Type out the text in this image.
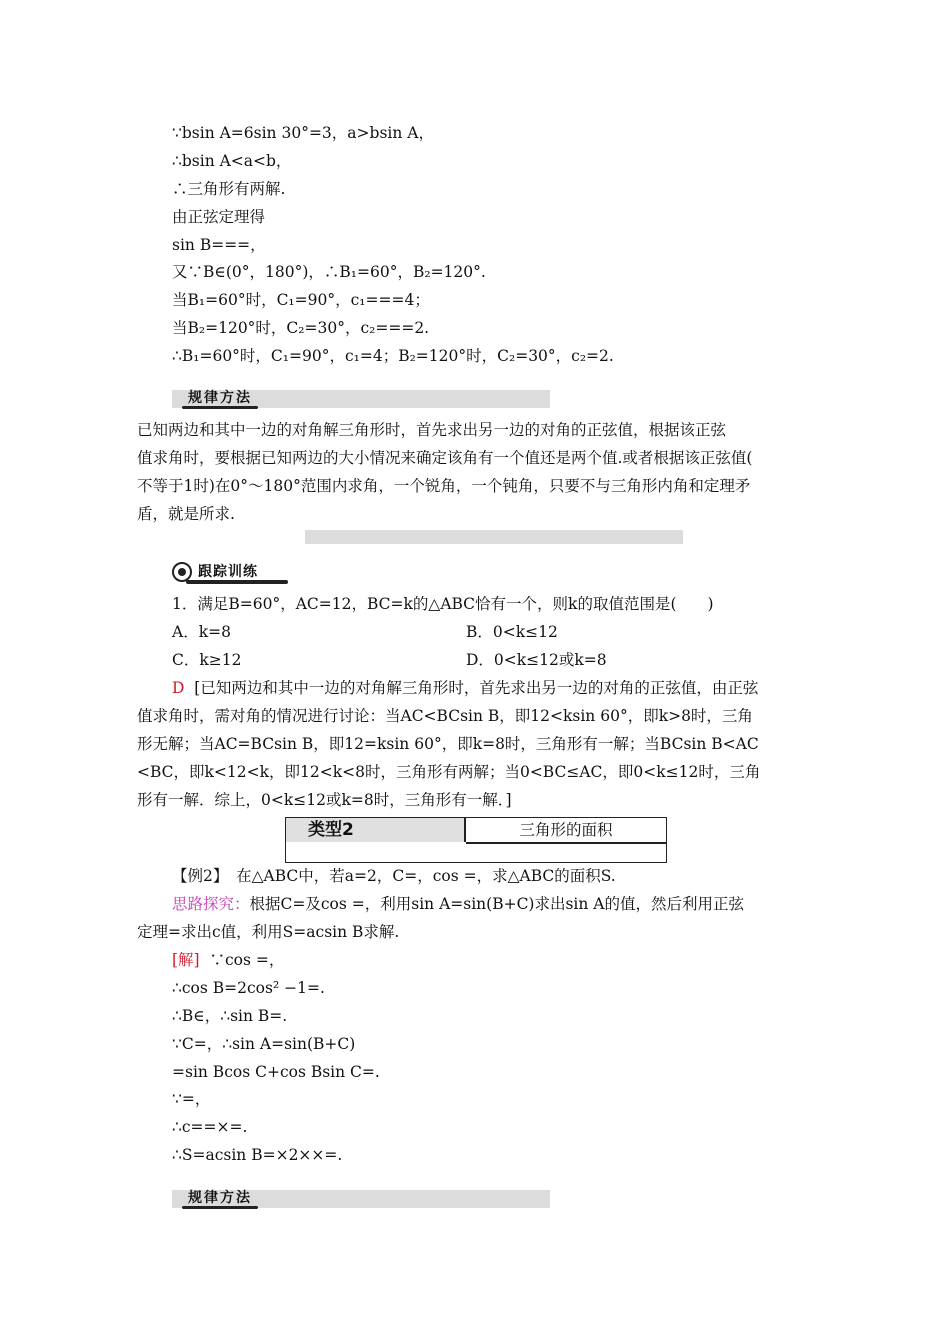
∵bsin A=6sin 30°=3，a>bsin A，
∴bsin A<a<b，
∴三角形有两解.
由正弦定理得
sin B===，
又∵B∈(0°，180°)，∴B₁=60°，B₂=120°.
当B₁=60°时，C₁=90°，c₁===4；
当B₂=120°时，C₂=30°，c₂===2.
∴B₁=60°时，C₁=90°，c₁=4；B₂=120°时，C₂=30°，c₂=2.
规律方法
已知两边和其中一边的对角解三角形时，首先求出另一边的对角的正弦值，根据该正弦
值求角时，要根据已知两边的大小情况来确定该角有一个值还是两个值.或者根据该正弦值(
不等于1时)在0°～180°范围内求角，一个锐角，一个钝角，只要不与三角形内角和定理矛
盾，就是所求.
跟踪训练
1．满足B=60°，AC=12，BC=k的△ABC恰有一个，则k的取值范围是(　　)
A．k=8	B．0<k≤12
C．k≥12	D．0<k≤12或k=8
D [已知两边和其中一边的对角解三角形时，首先求出另一边的对角的正弦值，由正弦
值求角时，需对角的情况进行讨论：当AC<BCsin B，即12<ksin 60°，即k>8时，三角
形无解；当AC=BCsin B，即12=ksin 60°，即k=8时，三角形有一解；当BCsin B<AC
<BC，即k<12<k，即12<k<8时，三角形有两解；当0<BC≤AC，即0<k≤12时，三角
形有一解．综上，0<k≤12或k=8时，三角形有一解．]
类型2	三角形的面积
【例2】　在△ABC中，若a=2，C=，cos =，求△ABC的面积S.
思路探究：根据C=及cos =，利用sin A=sin(B+C)求出sin A的值，然后利用正弦
定理=求出c值，利用S=acsin B求解.
[解] ∵cos =，
∴cos B=2cos² −1=.
∴B∈，∴sin B=.
∵C=，∴sin A=sin(B+C)
=sin Bcos C+cos Bsin C=.
∵=，
∴c==×=.
∴S=acsin B=×2××=.
规律方法
